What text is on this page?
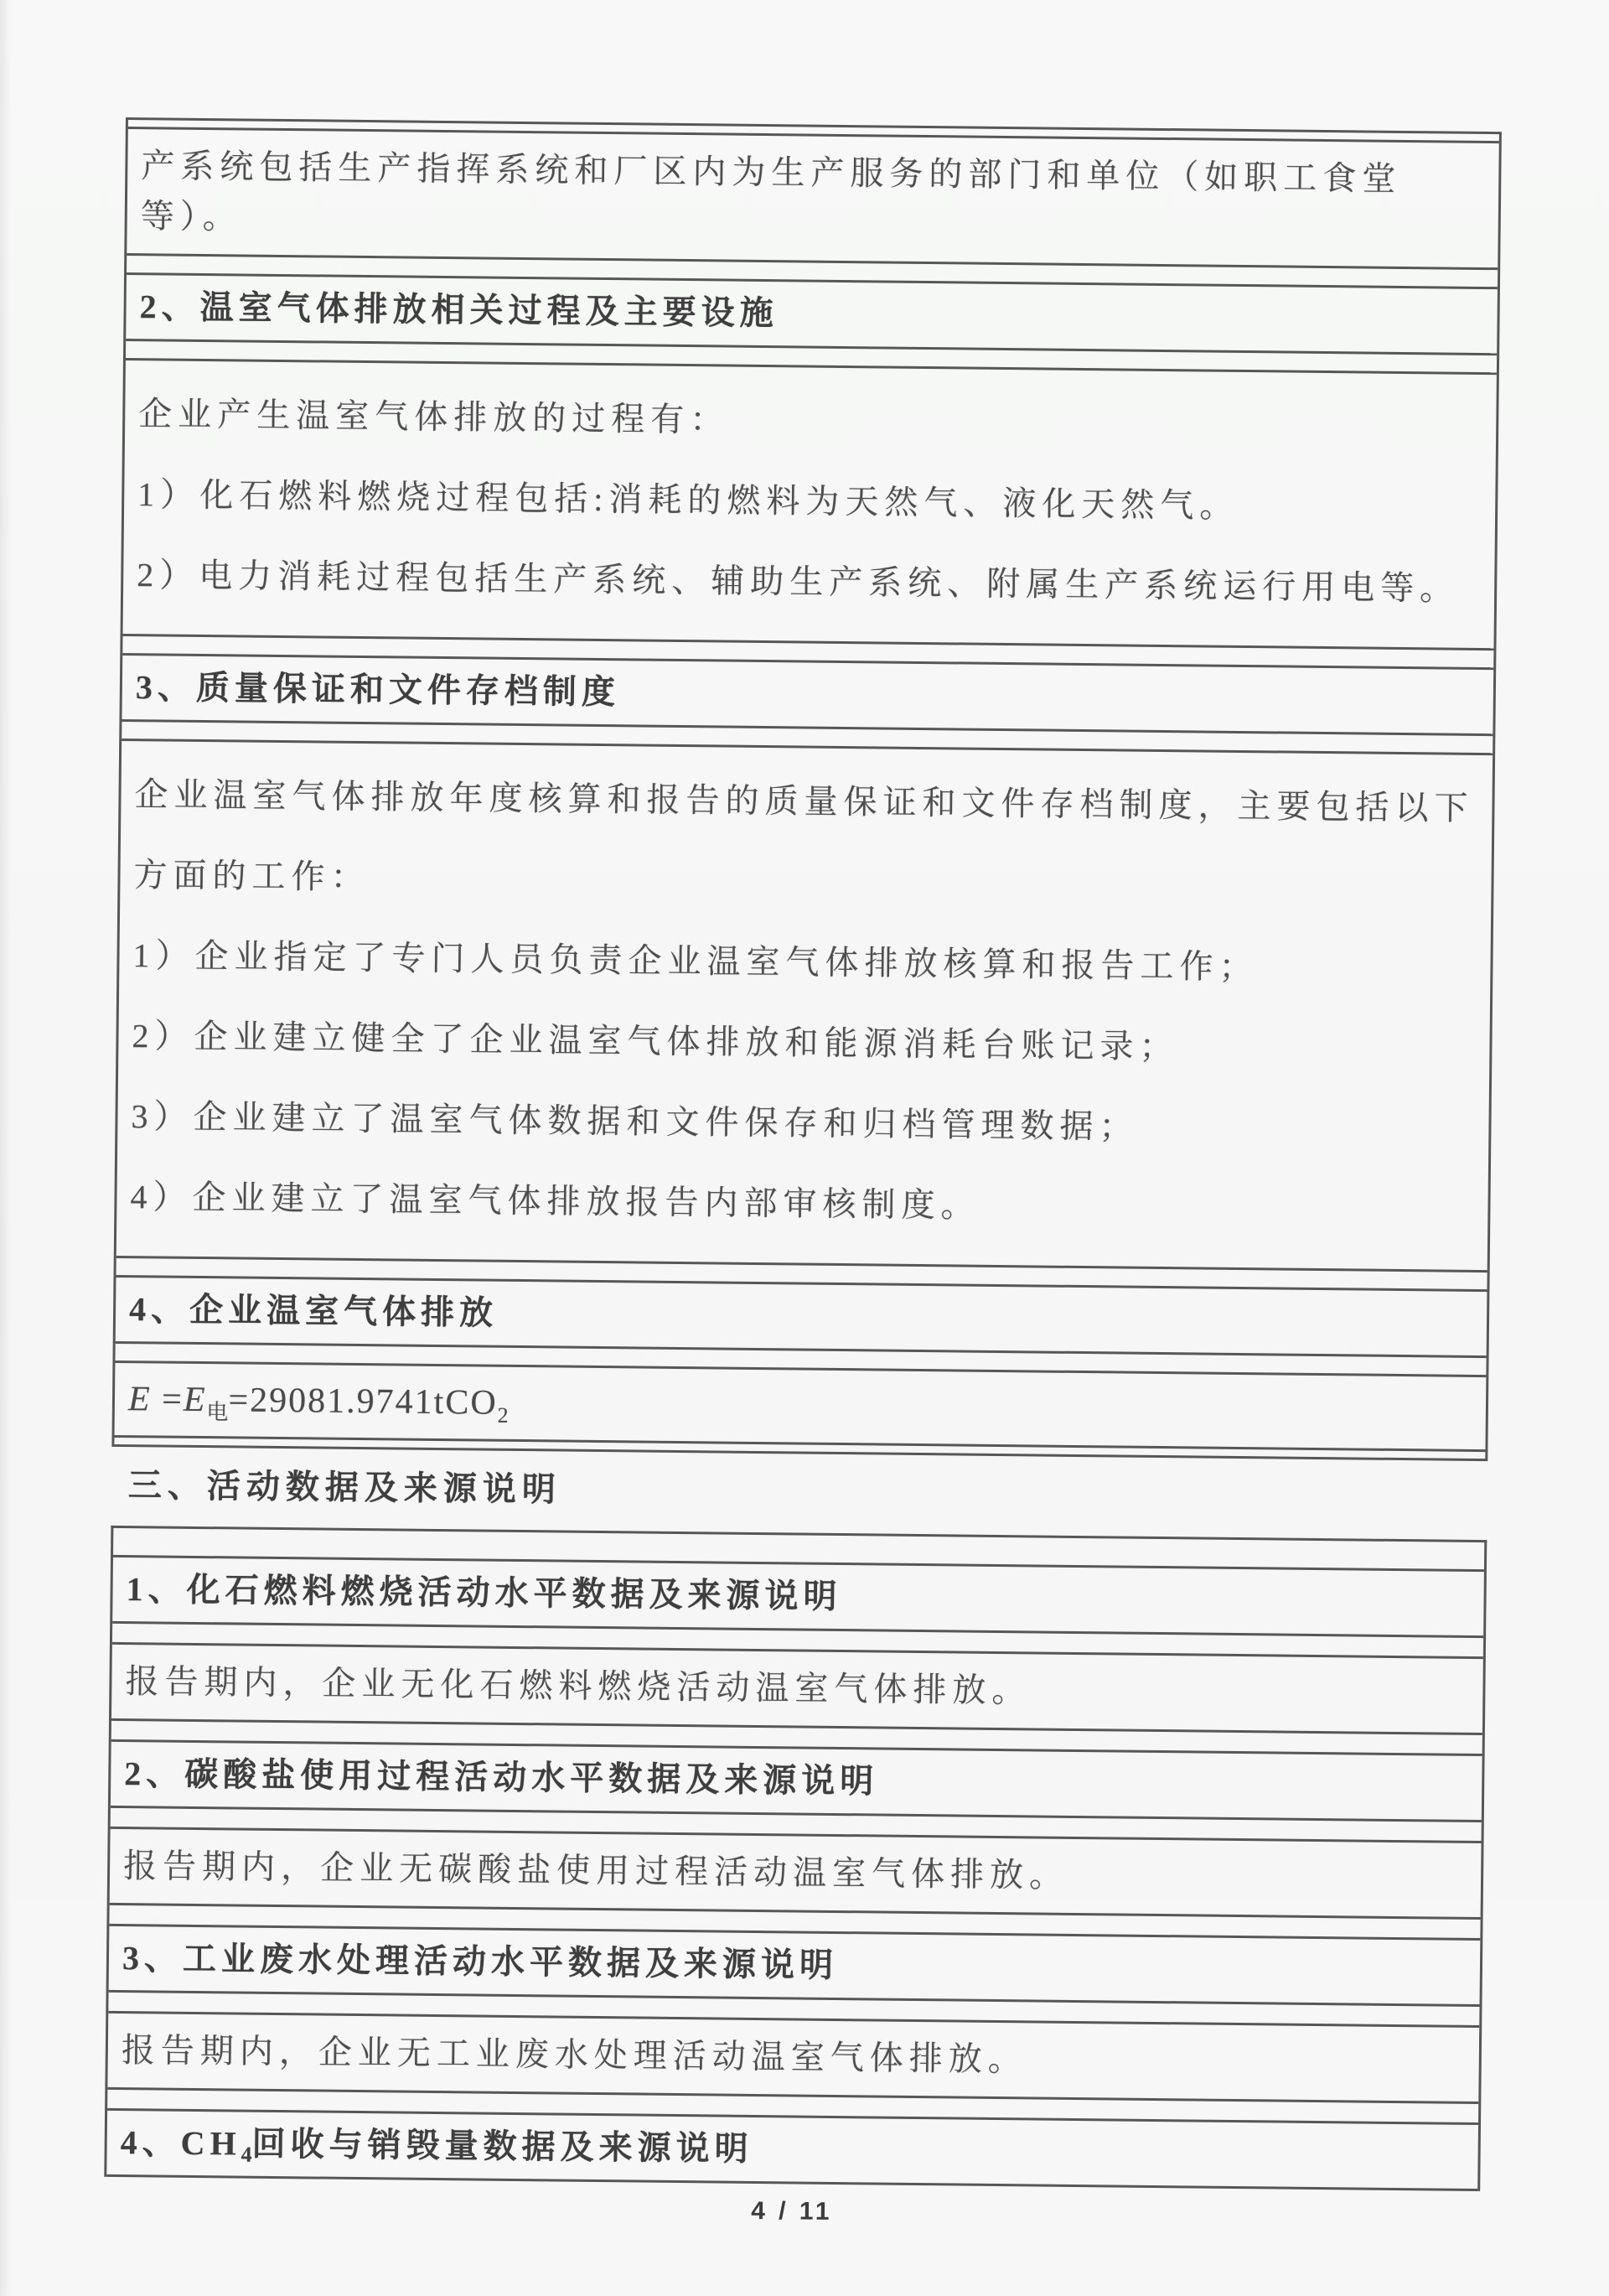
产系统包括生产指挥系统和厂区内为生产服务的部门和单位（如职工食堂等）。
2、温室气体排放相关过程及主要设施

企业产生温室气体排放的过程有：

1）化石燃料燃烧过程包括:消耗的燃料为天然气、液化天然气。

2）电力消耗过程包括生产系统、辅助生产系统、附属生产系统运行用电等。

3、质量保证和文件存档制度

企业温室气体排放年度核算和报告的质量保证和文件存档制度，主要包括以下方面的工作：

1）企业指定了专门人员负责企业温室气体排放核算和报告工作；

2）企业建立健全了企业温室气体排放和能源消耗台账记录；

3）企业建立了温室气体数据和文件保存和归档管理数据；

4）企业建立了温室气体排放报告内部审核制度。

4、企业温室气体排放
$E =E_电=29081.9741tCO_2$
三、活动数据及来源说明
1、化石燃料燃烧活动水平数据及来源说明
报告期内，企业无化石燃料燃烧活动温室气体排放。
2、碳酸盐使用过程活动水平数据及来源说明
报告期内，企业无碳酸盐使用过程活动温室气体排放。
3、工业废水处理活动水平数据及来源说明
报告期内，企业无工业废水处理活动温室气体排放。
4、$CH_4$回收与销毁量数据及来源说明
4 / 11
